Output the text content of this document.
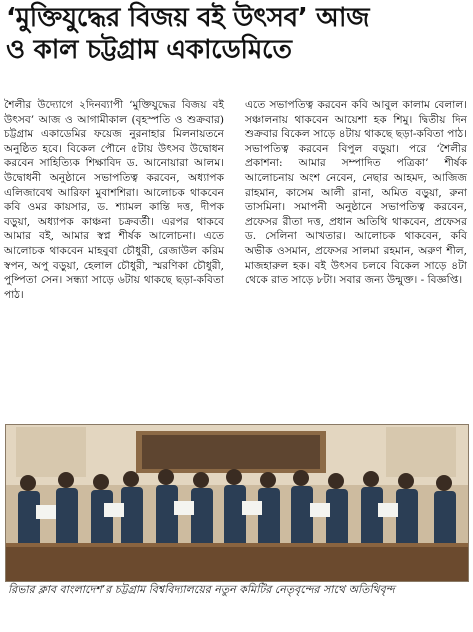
‘মুক্তিযুদ্ধের বিজয় বই উৎসব’ আজ
ও কাল চট্টগ্রাম একাডেমিতে

শৈলীর উদ্যোগে ২দিনব্যাপী ‘মুক্তিযুদ্ধের বিজয় বই উৎসব’ আজ ও আগামীকাল (বৃহস্পতি ও শুক্রবার) চট্টগ্রাম একাডেমির ফয়েজ নুরনাহার মিলনায়তনে অনুষ্ঠিত হবে। বিকেল পৌনে ৫টায় উৎসব উদ্বোধন করবেন সাহিত্যিক শিক্ষাবিদ ড. আনোয়ারা আলম। উদ্বোধনী অনুষ্ঠানে সভাপতিত্ব করবেন, অধ্যাপক এলিজাবেথ আরিফা মুবাশশিরা। আলোচক থাকবেন কবি ওমর কায়সার, ড. শ্যামল কান্তি দত্ত, দীপক বড়ুয়া, অধ্যাপক কাঞ্চনা চক্রবর্তী। এরপর থাকবে আমার বই, আমার স্বপ্ন শীর্ষক আলোচনা। এতে আলোচক থাকবেন মাহবুবা চৌধুরী, রেজাউল করিম স্বপন, অপু বড়ুয়া, হেলাল চৌধুরী, স্মরণিকা চৌধুরী, পুষ্পিতা সেন। সন্ধ্যা সাড়ে ৬টায় থাকছে ছড়া-কবিতা পাঠ।

এতে সভাপতিত্ব করবেন কবি আবুল কালাম বেলাল। সঞ্চালনায় থাকবেন আয়েশা হক শিমু। দ্বিতীয় দিন শুক্রবার বিকেল সাড়ে ৪টায় থাকছে ছড়া-কবিতা পাঠ।সভাপতিত্ব করবেন বিপুল বড়ুয়া। পরে ‘শৈলীর প্রকাশনা: আমার সম্পাদিত পত্রিকা’ শীর্ষক আলোচনায় অংশ নেবেন, নেছার আহমদ, আজিজ রাহমান, কাসেম আলী রানা, অমিত বড়ুয়া, রুনা তাসমিনা। সমাপনী অনুষ্ঠানে সভাপতিত্ব করবেন, প্রফেসর রীতা দত্ত, প্রধান অতিথি থাকবেন, প্রফেসর ড. সেলিনা আখতার। আলোচক থাকবেন, কবি অভীক ওসমান, প্রফেসর সালমা রহমান, অরুণ শীল, মাজহারুল হক। বই উৎসব চলবে বিকেল সাড়ে ৪টা থেকে রাত সাড়ে ৮টা। সবার জন্য উন্মুক্ত। - বিজ্ঞপ্তি।

রিভার ক্লাব বাংলাদেশ’র চট্টগ্রাম বিশ্ববিদ্যালয়ের নতুন কমিটির নেতৃবৃন্দের সাথে অতিথিবৃন্দ
